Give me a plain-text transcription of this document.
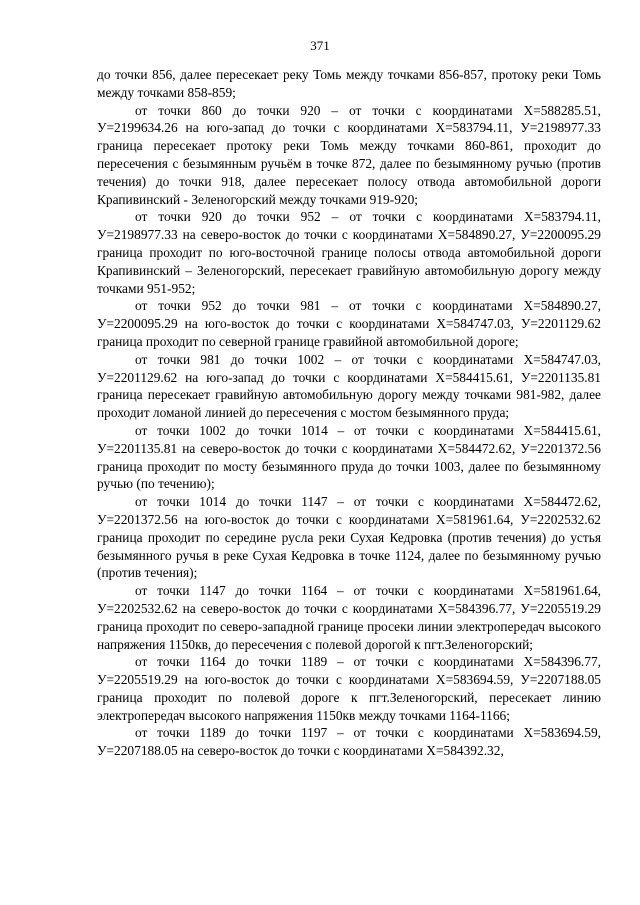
371

до точки 856, далее пересекает реку Томь между точками 856-857, протоку реки Томь между точками 858-859;

от точки 860 до точки 920 – от точки с координатами X=588285.51, У=2199634.26 на юго-запад до точки с координатами X=583794.11, У=2198977.33 граница пересекает протоку реки Томь между точками 860-861, проходит до пересечения с безымянным ручьём в точке 872, далее по безымянному ручью (против течения) до точки 918, далее пересекает полосу отвода автомобильной дороги Крапивинский - Зеленогорский между точками 919-920;

от точки 920 до точки 952 – от точки с координатами X=583794.11, У=2198977.33 на северо-восток до точки с координатами X=584890.27, У=2200095.29 граница проходит по юго-восточной границе полосы отвода автомобильной дороги Крапивинский – Зеленогорский, пересекает гравийную автомобильную дорогу между точками 951-952;

от точки 952 до точки 981 – от точки с координатами X=584890.27, У=2200095.29 на юго-восток до точки с координатами X=584747.03, У=2201129.62 граница проходит по северной границе гравийной автомобильной дороге;

от точки 981 до точки 1002 – от точки с координатами X=584747.03, У=2201129.62 на юго-запад до точки с координатами X=584415.61, У=2201135.81 граница пересекает гравийную автомобильную дорогу между точками 981-982, далее проходит ломаной линией до пересечения с мостом безымянного пруда;

от точки 1002 до точки 1014 – от точки с координатами X=584415.61, У=2201135.81 на северо-восток до точки с координатами X=584472.62, У=2201372.56 граница проходит по мосту безымянного пруда до точки 1003, далее по безымянному ручью (по течению);

от точки 1014 до точки 1147 – от точки с координатами X=584472.62, У=2201372.56 на юго-восток до точки с координатами X=581961.64, У=2202532.62 граница проходит по середине русла реки Сухая Кедровка (против течения) до устья безымянного ручья в реке Сухая Кедровка в точке 1124, далее по безымянному ручью (против течения);

от точки 1147 до точки 1164 – от точки с координатами X=581961.64, У=2202532.62 на северо-восток до точки с координатами X=584396.77, У=2205519.29 граница проходит по северо-западной границе просеки линии электропередач высокого напряжения 1150кв, до пересечения с полевой дорогой к пгт.Зеленогорский;

от точки 1164 до точки 1189 – от точки с координатами X=584396.77, У=2205519.29 на юго-восток до точки с координатами X=583694.59, У=2207188.05 граница проходит по полевой дороге к пгт.Зеленогорский, пересекает линию электропередач высокого напряжения 1150кв между точками 1164-1166;

от точки 1189 до точки 1197 – от точки с координатами X=583694.59, У=2207188.05 на северо-восток до точки с координатами X=584392.32,
